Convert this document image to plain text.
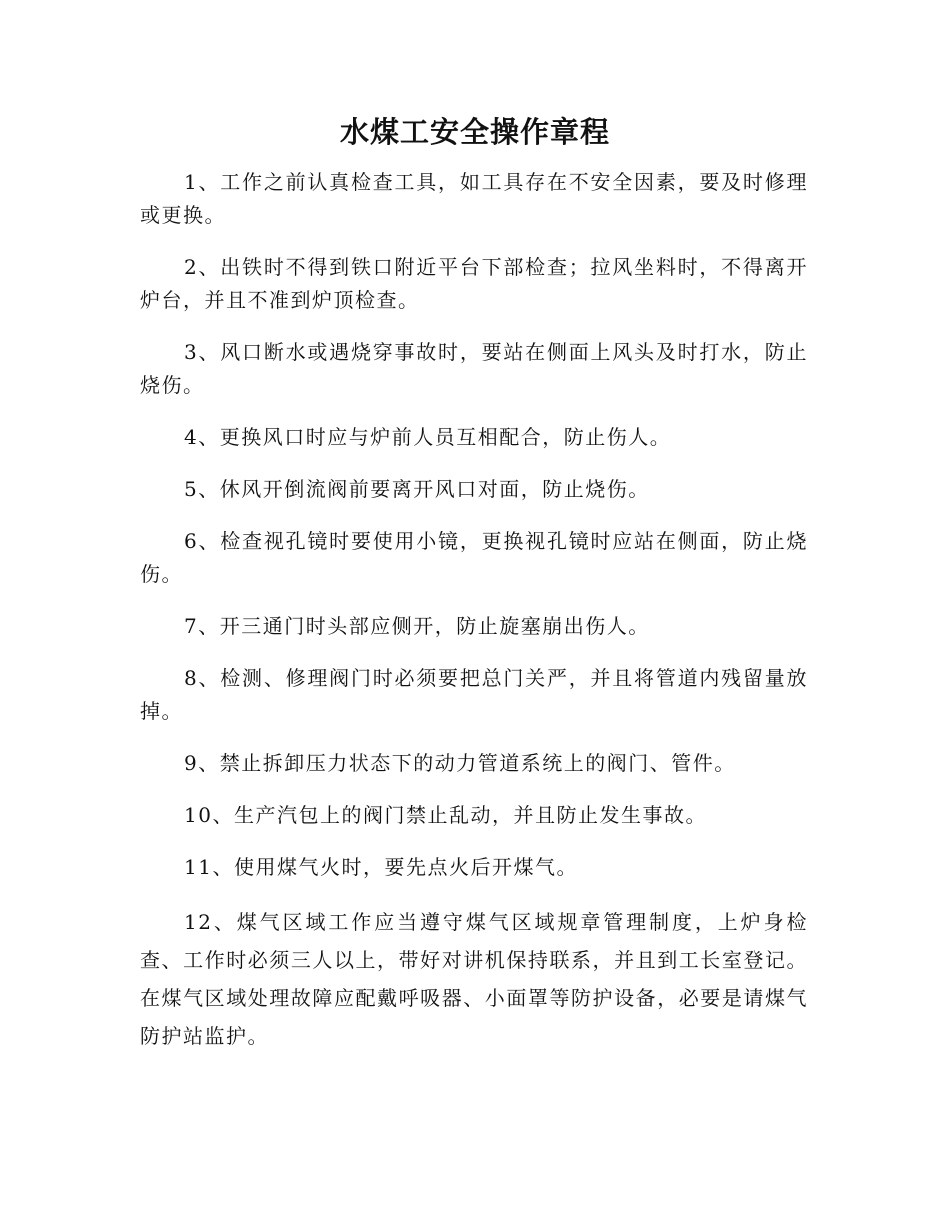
水煤工安全操作章程
1、工作之前认真检查工具，如工具存在不安全因素，要及时修理或更换。
2、出铁时不得到铁口附近平台下部检查；拉风坐料时，不得离开炉台，并且不准到炉顶检查。
3、风口断水或遇烧穿事故时，要站在侧面上风头及时打水，防止烧伤。
4、更换风口时应与炉前人员互相配合，防止伤人。
5、休风开倒流阀前要离开风口对面，防止烧伤。
6、检查视孔镜时要使用小镜，更换视孔镜时应站在侧面，防止烧伤。
7、开三通门时头部应侧开，防止旋塞崩出伤人。
8、检测、修理阀门时必须要把总门关严，并且将管道内残留量放掉。
9、禁止拆卸压力状态下的动力管道系统上的阀门、管件。
10、生产汽包上的阀门禁止乱动，并且防止发生事故。
11、使用煤气火时，要先点火后开煤气。
12、煤气区域工作应当遵守煤气区域规章管理制度，上炉身检查、工作时必须三人以上，带好对讲机保持联系，并且到工长室登记。在煤气区域处理故障应配戴呼吸器、小面罩等防护设备，必要是请煤气防护站监护。
